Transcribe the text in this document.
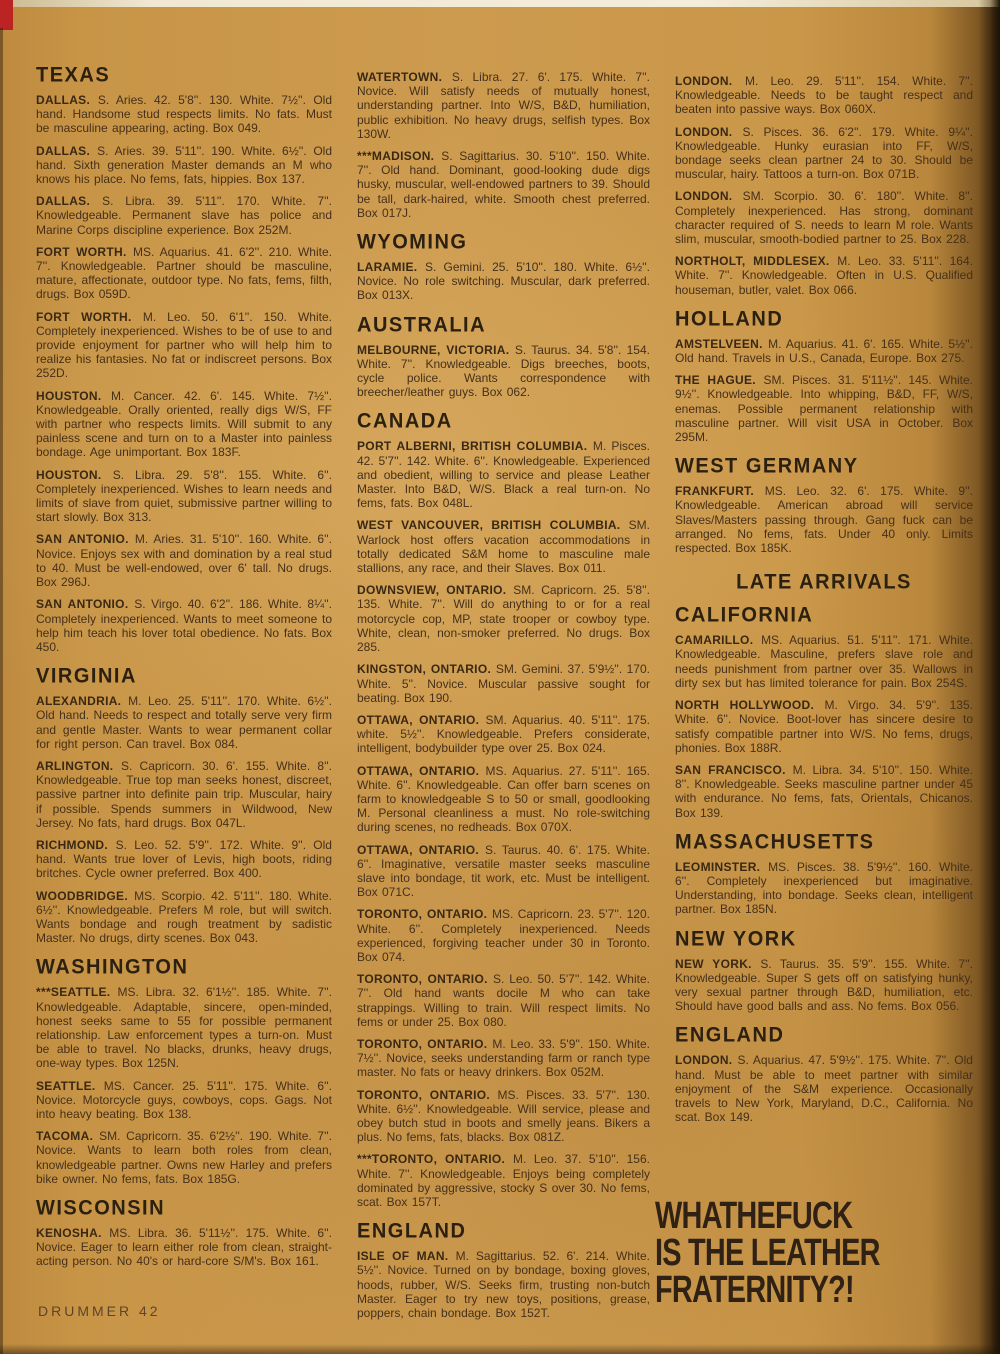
TEXAS

DALLAS. S. Aries. 42. 5'8''. 130. White. 7½''. Old hand. Handsome stud respects limits. No fats. Must be masculine appearing, acting. Box 049.

DALLAS. S. Aries. 39. 5'11''. 190. White. 6½''. Old hand. Sixth generation Master demands an M who knows his place. No fems, fats, hippies. Box 137.

DALLAS. S. Libra. 39. 5'11''. 170. White. 7''. Knowledgeable. Permanent slave has police and Marine Corps discipline experience. Box 252M.

FORT WORTH. MS. Aquarius. 41. 6'2''. 210. White. 7''. Knowledgeable. Partner should be masculine, mature, affectionate, outdoor type. No fats, fems, filth, drugs. Box 059D.

FORT WORTH. M. Leo. 50. 6'1''. 150. White. Completely inexperienced. Wishes to be of use to and provide enjoyment for partner who will help him to realize his fantasies. No fat or indiscreet persons. Box 252D.

HOUSTON. M. Cancer. 42. 6'. 145. White. 7½''. Knowledgeable. Orally oriented, really digs W/S, FF with partner who respects limits. Will submit to any painless scene and turn on to a Master into painless bondage. Age unimportant. Box 183F.

HOUSTON. S. Libra. 29. 5'8''. 155. White. 6''. Completely inexperienced. Wishes to learn needs and limits of slave from quiet, submissive partner willing to start slowly. Box 313.

SAN ANTONIO. M. Aries. 31. 5'10''. 160. White. 6''. Novice. Enjoys sex with and domination by a real stud to 40. Must be well-endowed, over 6' tall. No drugs. Box 296J.

SAN ANTONIO. S. Virgo. 40. 6'2''. 186. White. 8¼''. Completely inexperienced. Wants to meet someone to help him teach his lover total obedience. No fats. Box 450.

VIRGINIA

ALEXANDRIA. M. Leo. 25. 5'11''. 170. White. 6½''. Old hand. Needs to respect and totally serve very firm and gentle Master. Wants to wear permanent collar for right person. Can travel. Box 084.

ARLINGTON. S. Capricorn. 30. 6'. 155. White. 8''. Knowledgeable. True top man seeks honest, discreet, passive partner into definite pain trip. Muscular, hairy if possible. Spends summers in Wildwood, New Jersey. No fats, hard drugs. Box 047L.

RICHMOND. S. Leo. 52. 5'9''. 172. White. 9''. Old hand. Wants true lover of Levis, high boots, riding britches. Cycle owner preferred. Box 400.

WOODBRIDGE. MS. Scorpio. 42. 5'11''. 180. White. 6½''. Knowledgeable. Prefers M role, but will switch. Wants bondage and rough treatment by sadistic Master. No drugs, dirty scenes. Box 043.

WASHINGTON

***SEATTLE. MS. Libra. 32. 6'1½''. 185. White. 7''. Knowledgeable. Adaptable, sincere, open-minded, honest seeks same to 55 for possible permanent relationship. Law enforcement types a turn-on. Must be able to travel. No blacks, drunks, heavy drugs, one-way types. Box 125N.

SEATTLE. MS. Cancer. 25. 5'11''. 175. White. 6''. Novice. Motorcycle guys, cowboys, cops. Gags. Not into heavy beating. Box 138.

TACOMA. SM. Capricorn. 35. 6'2½''. 190. White. 7''. Novice. Wants to learn both roles from clean, knowledgeable partner. Owns new Harley and prefers bike owner. No fems, fats. Box 185G.

WISCONSIN

KENOSHA. MS. Libra. 36. 5'11½''. 175. White. 6''. Novice. Eager to learn either role from clean, straight-acting person. No 40's or hard-core S/M's. Box 161.

WATERTOWN. S. Libra. 27. 6'. 175. White. 7''. Novice. Will satisfy needs of mutually honest, understanding partner. Into W/S, B&D, humiliation, public exhibition. No heavy drugs, selfish types. Box 130W.

***MADISON. S. Sagittarius. 30. 5'10''. 150. White. 7''. Old hand. Dominant, good-looking dude digs husky, muscular, well-endowed partners to 39. Should be tall, dark-haired, white. Smooth chest preferred. Box 017J.

WYOMING

LARAMIE. S. Gemini. 25. 5'10''. 180. White. 6½''. Novice. No role switching. Muscular, dark preferred. Box 013X.

AUSTRALIA

MELBOURNE, VICTORIA. S. Taurus. 34. 5'8''. 154. White. 7''. Knowledgeable. Digs breeches, boots, cycle police. Wants correspondence with breecher/leather guys. Box 062.

CANADA

PORT ALBERNI, BRITISH COLUMBIA. M. Pisces. 42. 5'7''. 142. White. 6''. Knowledgeable. Experienced and obedient, willing to service and please Leather Master. Into B&D, W/S. Black a real turn-on. No fems, fats. Box 048L.

WEST VANCOUVER, BRITISH COLUMBIA. SM. Warlock host offers vacation accommodations in totally dedicated S&M home to masculine male stallions, any race, and their Slaves. Box 011.

DOWNSVIEW, ONTARIO. SM. Capricorn. 25. 5'8''. 135. White. 7''. Will do anything to or for a real motorcycle cop, MP, state trooper or cowboy type. White, clean, non-smoker preferred. No drugs. Box 285.

KINGSTON, ONTARIO. SM. Gemini. 37. 5'9½''. 170. White. 5''. Novice. Muscular passive sought for beating. Box 190.

OTTAWA, ONTARIO. SM. Aquarius. 40. 5'11''. 175. white. 5½''. Knowledgeable. Prefers considerate, intelligent, bodybuilder type over 25. Box 024.

OTTAWA, ONTARIO. MS. Aquarius. 27. 5'11''. 165. White. 6''. Knowledgeable. Can offer barn scenes on farm to knowledgeable S to 50 or small, goodlooking M. Personal cleanliness a must. No role-switching during scenes, no redheads. Box 070X.

OTTAWA, ONTARIO. S. Taurus. 40. 6'. 175. White. 6''. Imaginative, versatile master seeks masculine slave into bondage, tit work, etc. Must be intelligent. Box 071C.

TORONTO, ONTARIO. MS. Capricorn. 23. 5'7''. 120. White. 6''. Completely inexperienced. Needs experienced, forgiving teacher under 30 in Toronto. Box 074.

TORONTO, ONTARIO. S. Leo. 50. 5'7''. 142. White. 7''. Old hand wants docile M who can take strappings. Willing to train. Will respect limits. No fems or under 25. Box 080.

TORONTO, ONTARIO. M. Leo. 33. 5'9''. 150. White. 7½''. Novice, seeks understanding farm or ranch type master. No fats or heavy drinkers. Box 052M.

TORONTO, ONTARIO. MS. Pisces. 33. 5'7''. 130. White. 6½''. Knowledgeable. Will service, please and obey butch stud in boots and smelly jeans. Bikers a plus. No fems, fats, blacks. Box 081Z.

***TORONTO, ONTARIO. M. Leo. 37. 5'10''. 156. White. 7''. Knowledgeable. Enjoys being completely dominated by aggressive, stocky S over 30. No fems, scat. Box 157T.

ENGLAND

ISLE OF MAN. M. Sagittarius. 52. 6'. 214. White. 5½''. Novice. Turned on by bondage, boxing gloves, hoods, rubber, W/S. Seeks firm, trusting non-butch Master. Eager to try new toys, positions, grease, poppers, chain bondage. Box 152T.

LONDON. M. Leo. 29. 5'11''. 154. White. 7''. Knowledgeable. Needs to be taught respect and beaten into passive ways. Box 060X.

LONDON. S. Pisces. 36. 6'2''. 179. White. 9¼''. Knowledgeable. Hunky eurasian into FF, W/S, bondage seeks clean partner 24 to 30. Should be muscular, hairy. Tattoos a turn-on. Box 071B.

LONDON. SM. Scorpio. 30. 6'. 180''. White. 8''. Completely inexperienced. Has strong, dominant character required of S. needs to learn M role. Wants slim, muscular, smooth-bodied partner to 25. Box 228.

NORTHOLT, MIDDLESEX. M. Leo. 33. 5'11''. 164. White. 7''. Knowledgeable. Often in U.S. Qualified houseman, butler, valet. Box 066.

HOLLAND

AMSTELVEEN. M. Aquarius. 41. 6'. 165. White. 5½''. Old hand. Travels in U.S., Canada, Europe. Box 275.

THE HAGUE. SM. Pisces. 31. 5'11½''. 145. White. 9½''. Knowledgeable. Into whipping, B&D, FF, W/S, enemas. Possible permanent relationship with masculine partner. Will visit USA in October. Box 295M.

WEST GERMANY

FRANKFURT. MS. Leo. 32. 6'. 175. White. 9''. Knowledgeable. American abroad will service Slaves/Masters passing through. Gang fuck can be arranged. No fems, fats. Under 40 only. Limits respected. Box 185K.

LATE ARRIVALS
CALIFORNIA

CAMARILLO. MS. Aquarius. 51. 5'11''. 171. White. Knowledgeable. Masculine, prefers slave role and needs punishment from partner over 35. Wallows in dirty sex but has limited tolerance for pain. Box 254S.

NORTH HOLLYWOOD. M. Virgo. 34. 5'9''. 135. White. 6''. Novice. Boot-lover has sincere desire to satisfy compatible partner into W/S. No fems, drugs, phonies. Box 188R.

SAN FRANCISCO. M. Libra. 34. 5'10''. 150. White. 8''. Knowledgeable. Seeks masculine partner under 45 with endurance. No fems, fats, Orientals, Chicanos. Box 139.

MASSACHUSETTS

LEOMINSTER. MS. Pisces. 38. 5'9½''. 160. White. 6''. Completely inexperienced but imaginative. Understanding, into bondage. Seeks clean, intelligent partner. Box 185N.

NEW YORK

NEW YORK. S. Taurus. 35. 5'9''. 155. White. 7''. Knowledgeable. Super S gets off on satisfying hunky, very sexual partner through B&D, humiliation, etc. Should have good balls and ass. No fems. Box 056.

ENGLAND

LONDON. S. Aquarius. 47. 5'9½''. 175. White. 7''. Old hand. Must be able to meet partner with similar enjoyment of the S&M experience. Occasionally travels to New York, Maryland, D.C., California. No scat. Box 149.

WHATHEFUCK
IS THE LEATHER
FRATERNITY?!
DRUMMER 42
